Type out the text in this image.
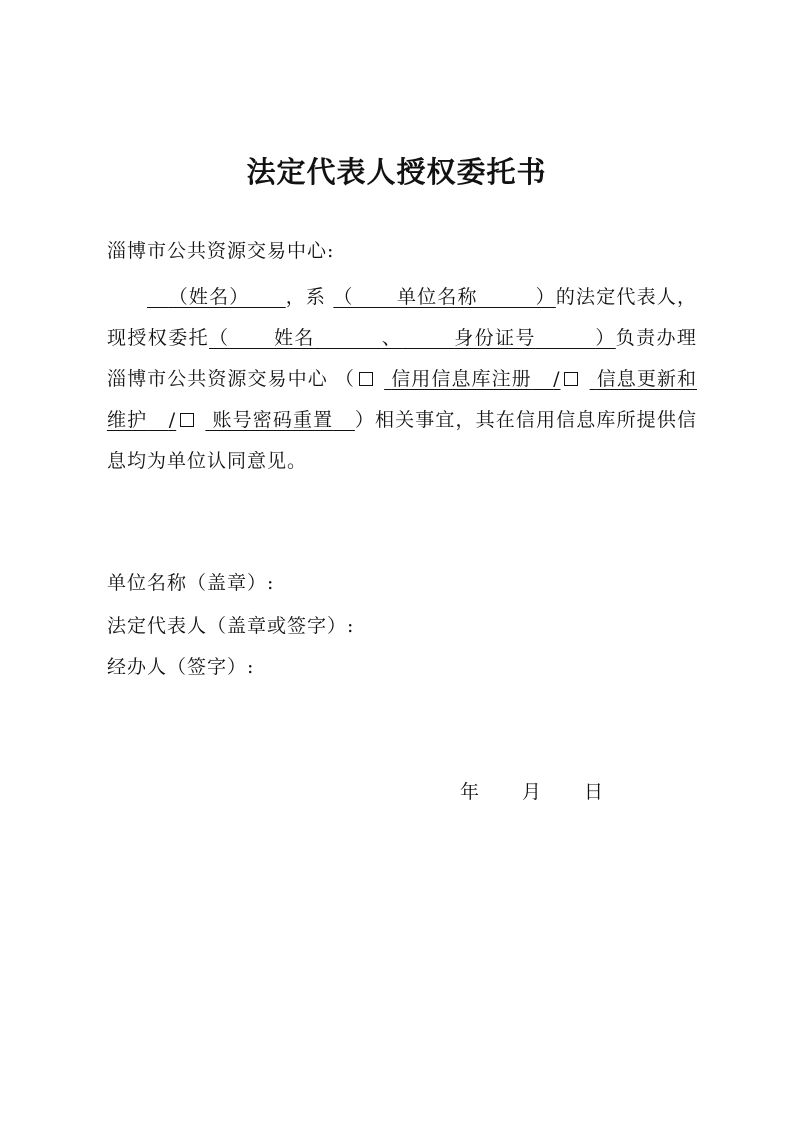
法定代表人授权委托书
淄博市公共资源交易中心:

（姓名） ，系 （      单位名称        ）的法定代表人，现授权委托（ 姓名	、	身份证号	）负责办理淄博市公共资源交易中心 （ 信用信息库注册 / 信息更新和维护 / 账号密码重置 ）相关事宜，其在信用信息库所提供信息均为单位认同意见。

单位名称（盖章）:
法定代表人（盖章或签字）:
经办人（签字）:
年 月 日
